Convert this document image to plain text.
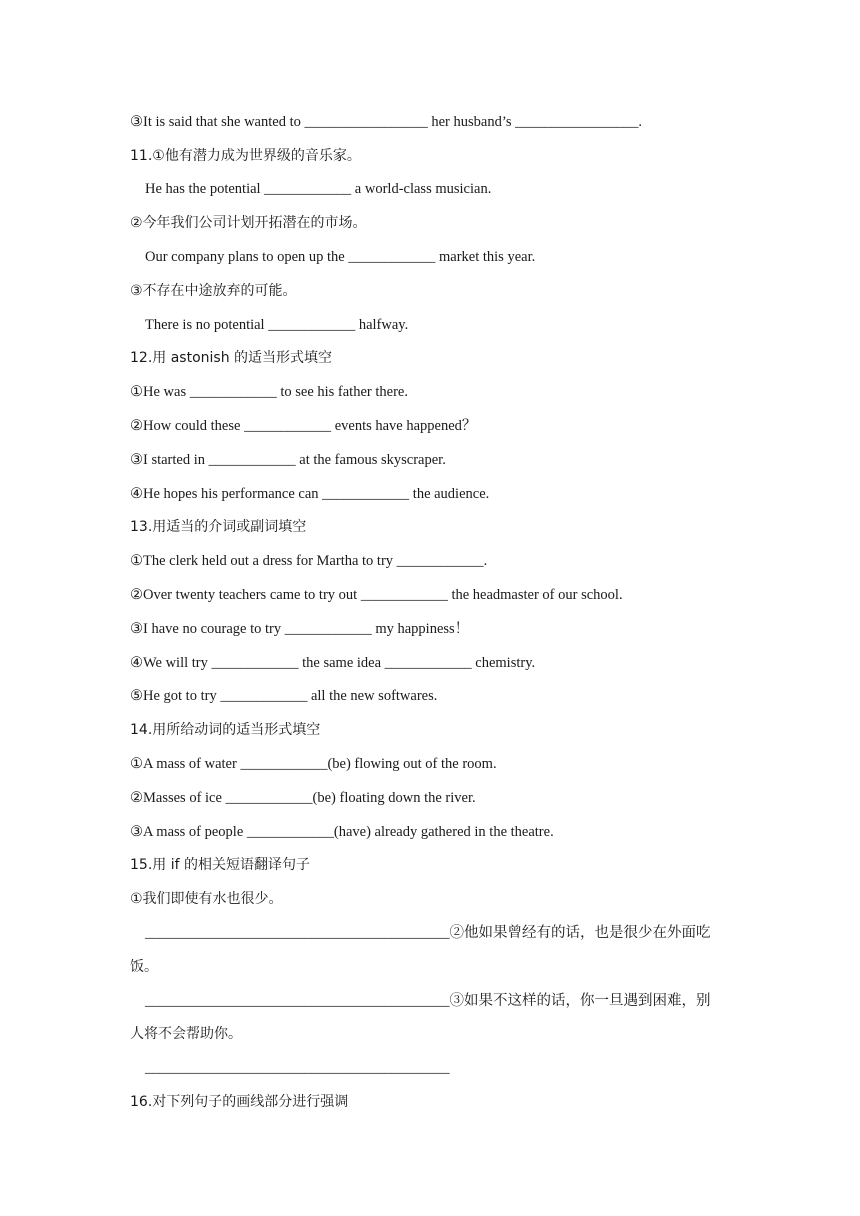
③It is said that she wanted to _________________ her husband’s _________________.
11.①他有潜力成为世界级的音乐家。
He has the potential ____________ a world-class musician.
②今年我们公司计划开拓潜在的市场。
Our company plans to open up the ____________ market this year.
③不存在中途放弃的可能。
There is no potential ____________ halfway.
12.用 astonish 的适当形式填空
①He was ____________ to see his father there.
②How could these ____________ events have happened？
③I started in ____________ at the famous skyscraper.
④He hopes his performance can ____________ the audience.
13.用适当的介词或副词填空
①The clerk held out a dress for Martha to try ____________.
②Over twenty teachers came to try out ____________ the headmaster of our school.
③I have no courage to try ____________ my happiness！
④We will try ____________ the same idea ____________ chemistry.
⑤He got to try ____________ all the new softwares.
14.用所给动词的适当形式填空
①A mass of water ____________(be) flowing out of the room.
②Masses of ice ____________(be) floating down the river.
③A mass of people ____________(have) already gathered in the theatre.
15.用 if 的相关短语翻译句子
①我们即使有水也很少。
__________________________________________②他如果曾经有的话，也是很少在外面吃
饭。
__________________________________________③如果不这样的话，你一旦遇到困难，别
人将不会帮助你。
__________________________________________
16.对下列句子的画线部分进行强调
